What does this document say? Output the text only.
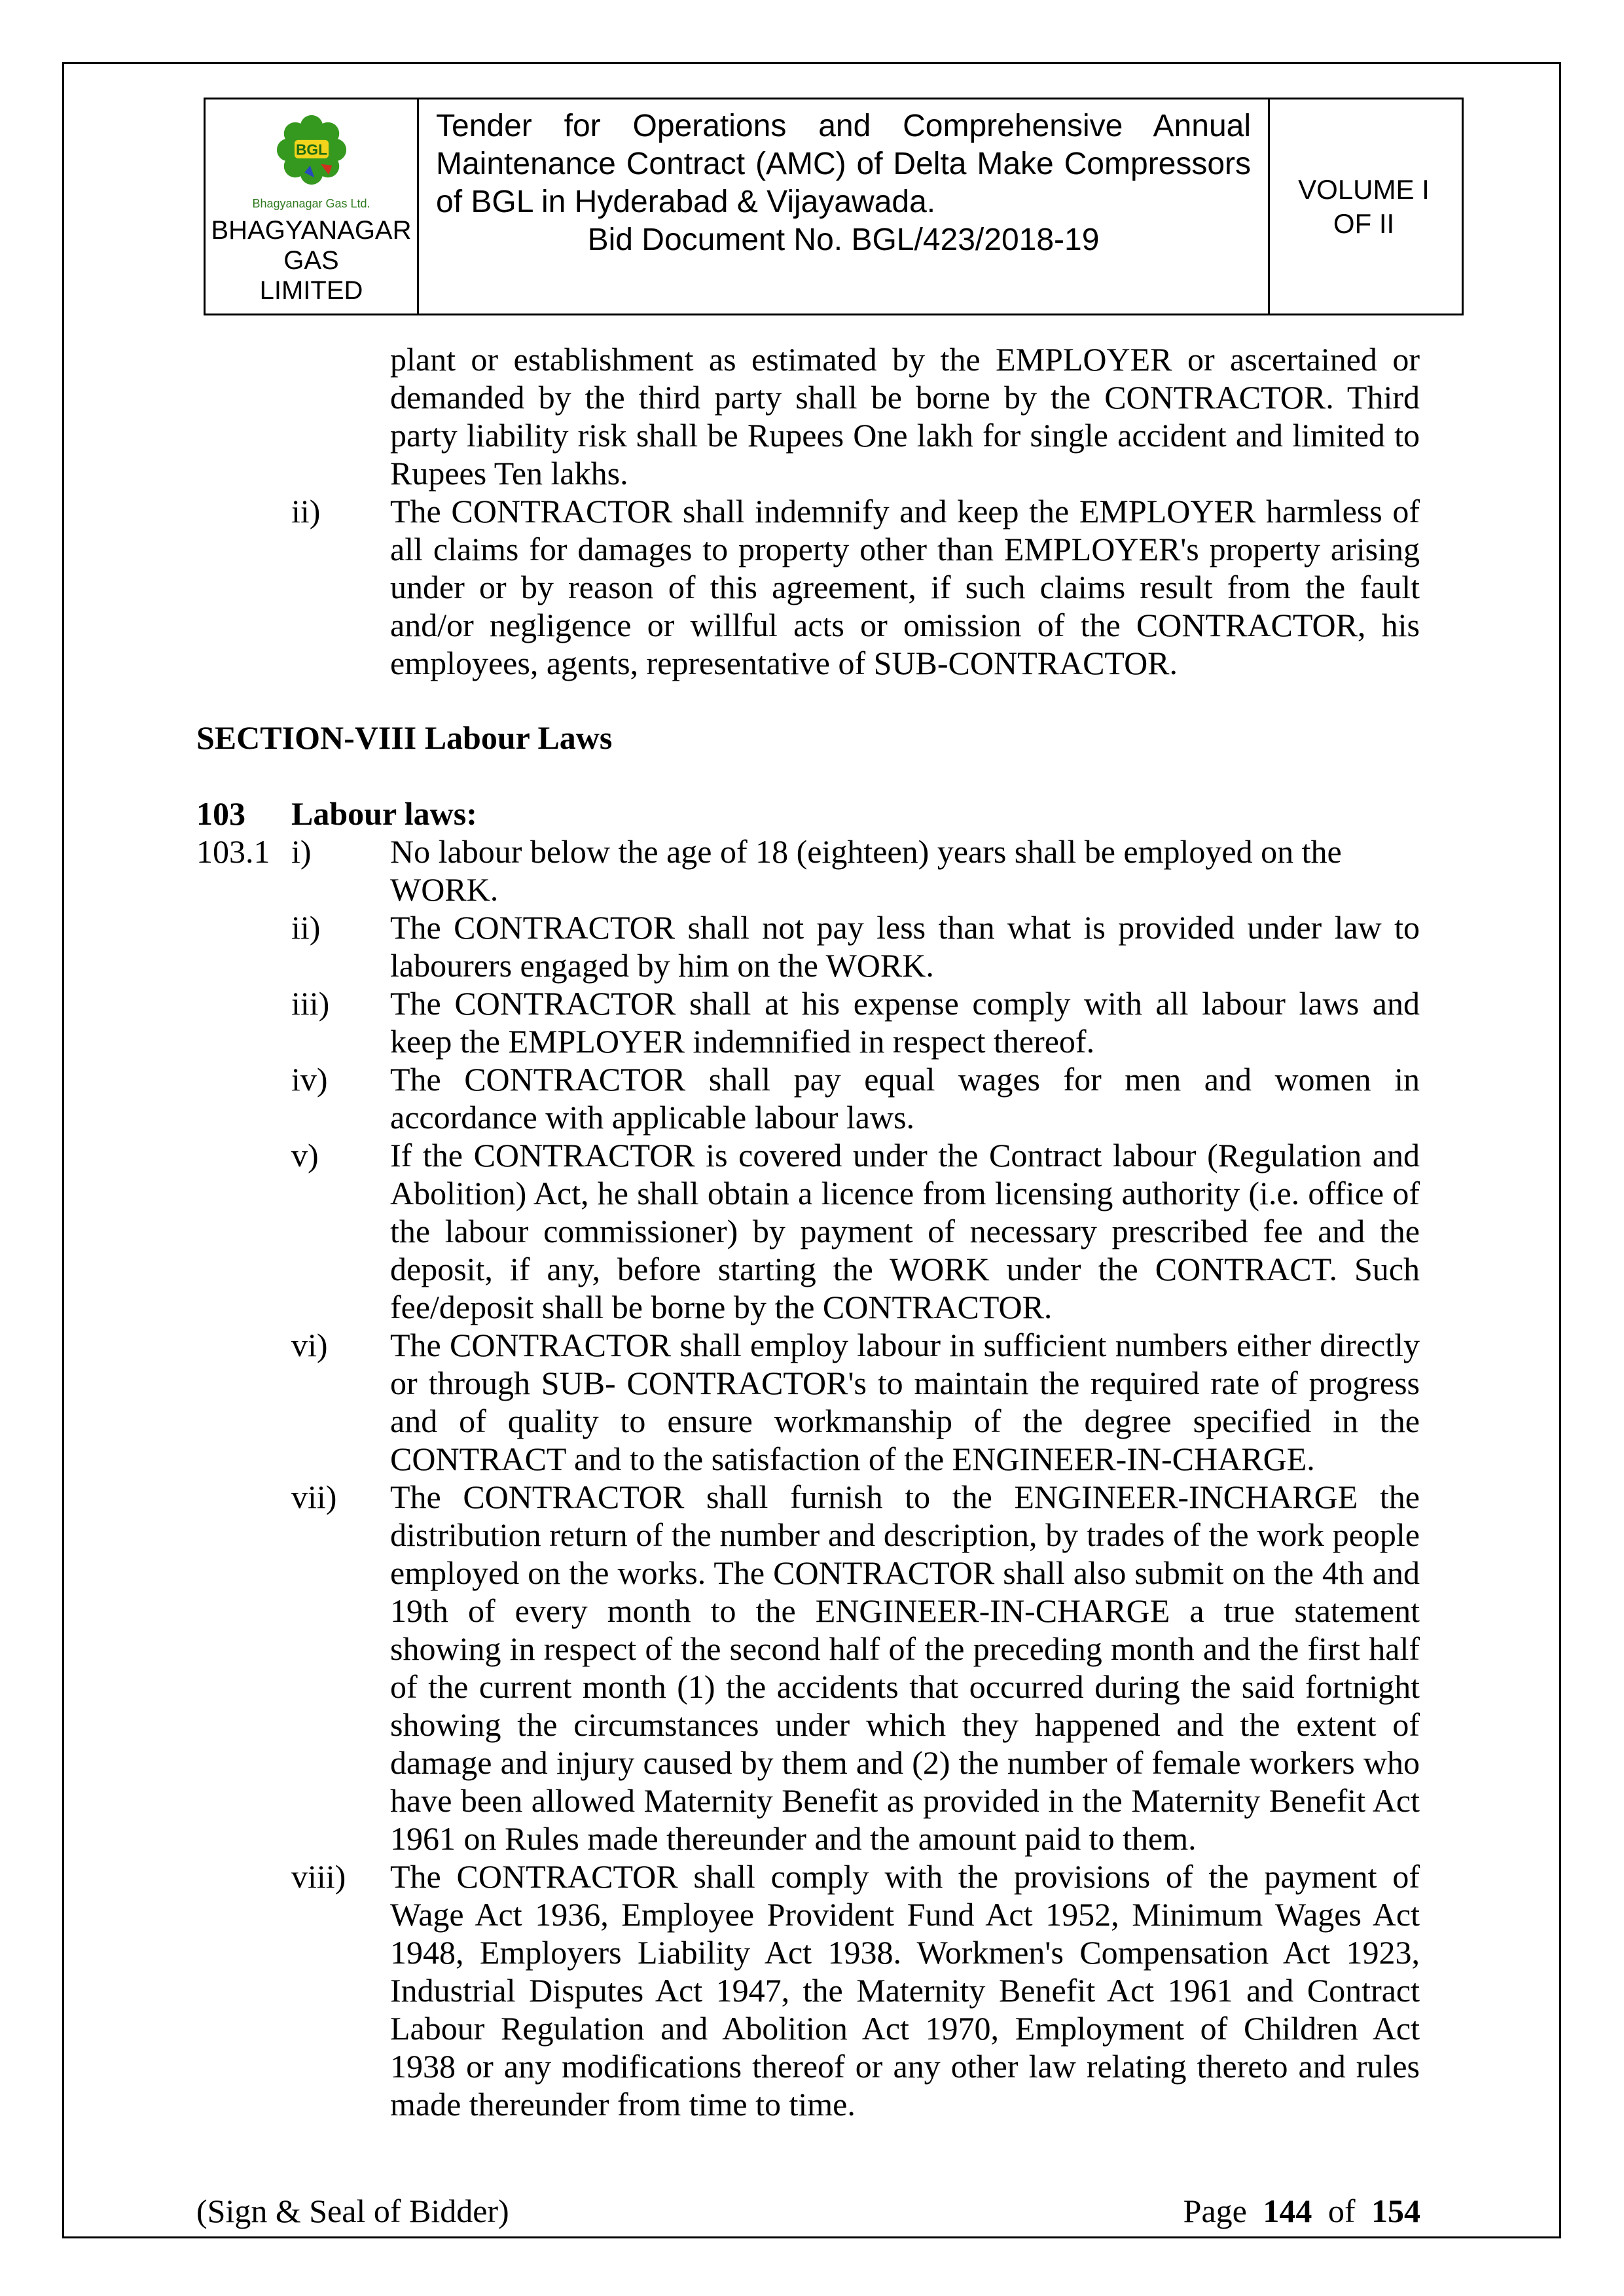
BGL
Bhagyanagar Gas Ltd.
BHAGYANAGAR GAS
LIMITED
Tender for Operations and Comprehensive Annual Maintenance Contract (AMC) of Delta Make Compressors of BGL in Hyderabad & Vijayawada.
Bid Document No. BGL/423/2018-19
VOLUME I
OF II
plant or establishment as estimated by the EMPLOYER or ascertained or demanded by the third party shall be borne by the CONTRACTOR. Third party liability risk shall be Rupees One lakh for single accident and limited to Rupees Ten lakhs.
ii) The CONTRACTOR shall indemnify and keep the EMPLOYER harmless of all claims for damages to property other than EMPLOYER's property arising under or by reason of this agreement, if such claims result from the fault and/or negligence or willful acts or omission of the CONTRACTOR, his employees, agents, representative of SUB-CONTRACTOR.
SECTION-VIII Labour Laws
103 Labour laws:
103.1 i) No labour below the age of 18 (eighteen) years shall be employed on the WORK.
ii) The CONTRACTOR shall not pay less than what is provided under law to labourers engaged by him on the WORK.
iii) The CONTRACTOR shall at his expense comply with all labour laws and keep the EMPLOYER indemnified in respect thereof.
iv) The CONTRACTOR shall pay equal wages for men and women in accordance with applicable labour laws.
v) If the CONTRACTOR is covered under the Contract labour (Regulation and Abolition) Act, he shall obtain a licence from licensing authority (i.e. office of the labour commissioner) by payment of necessary prescribed fee and the deposit, if any, before starting the WORK under the CONTRACT. Such fee/deposit shall be borne by the CONTRACTOR.
vi) The CONTRACTOR shall employ labour in sufficient numbers either directly or through SUB- CONTRACTOR's to maintain the required rate of progress and of quality to ensure workmanship of the degree specified in the CONTRACT and to the satisfaction of the ENGINEER-IN-CHARGE.
vii) The CONTRACTOR shall furnish to the ENGINEER-INCHARGE the distribution return of the number and description, by trades of the work people employed on the works. The CONTRACTOR shall also submit on the 4th and 19th of every month to the ENGINEER-IN-CHARGE a true statement showing in respect of the second half of the preceding month and the first half of the current month (1) the accidents that occurred during the said fortnight showing the circumstances under which they happened and the extent of damage and injury caused by them and (2) the number of female workers who have been allowed Maternity Benefit as provided in the Maternity Benefit Act 1961 on Rules made thereunder and the amount paid to them.
viii) The CONTRACTOR shall comply with the provisions of the payment of Wage Act 1936, Employee Provident Fund Act 1952, Minimum Wages Act 1948, Employers Liability Act 1938. Workmen's Compensation Act 1923, Industrial Disputes Act 1947, the Maternity Benefit Act 1961 and Contract Labour Regulation and Abolition Act 1970, Employment of Children Act 1938 or any modifications thereof or any other law relating thereto and rules made thereunder from time to time.
(Sign & Seal of Bidder)	Page 144 of 154
